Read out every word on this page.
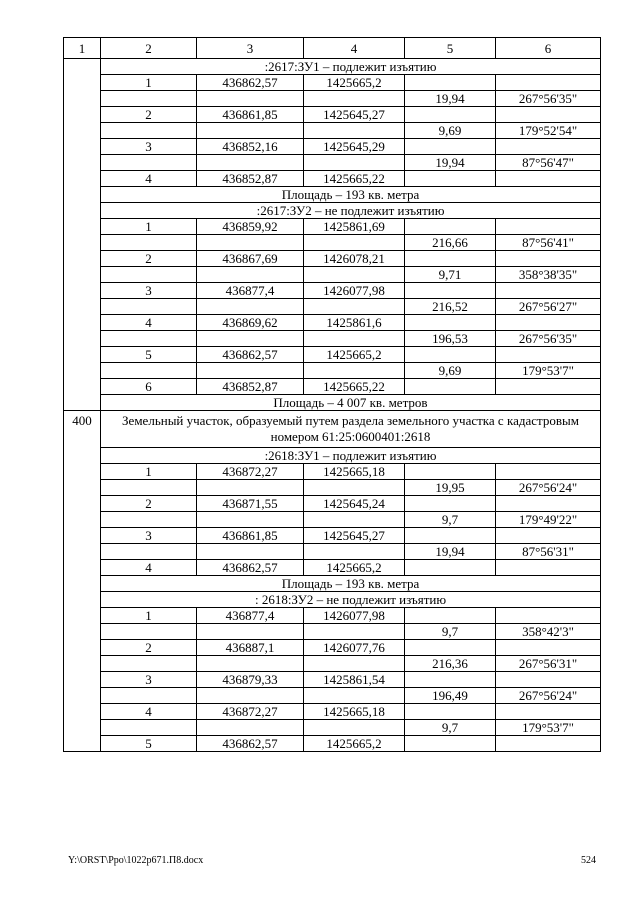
1	2	3	4	5	6
	:2617:ЗУ1 – подлежит изъятию				
	1	436862,57	1425665,2		
				19,94	267°56'35"
	2	436861,85	1425645,27		
				9,69	179°52'54"
	3	436852,16	1425645,29		
				19,94	87°56'47"
	4	436852,87	1425665,22		
	Площадь – 193 кв. метра				
	:2617:ЗУ2 – не подлежит изъятию				
	1	436859,92	1425861,69		
				216,66	87°56'41"
	2	436867,69	1426078,21		
				9,71	358°38'35"
	3	436877,4	1426077,98		
				216,52	267°56'27"
	4	436869,62	1425861,6		
				196,53	267°56'35"
	5	436862,57	1425665,2		
				9,69	179°53'7"
	6	436852,87	1425665,22		
	Площадь – 4 007 кв. метров				
400	Земельный участок, образуемый путем раздела земельного участка с кадастровым номером 61:25:0600401:2618				
	:2618:ЗУ1 – подлежит изъятию				
	1	436872,27	1425665,18		
				19,95	267°56'24"
	2	436871,55	1425645,24		
				9,7	179°49'22"
	3	436861,85	1425645,27		
				19,94	87°56'31"
	4	436862,57	1425665,2		
	Площадь – 193 кв. метра				
	: 2618:ЗУ2 – не подлежит изъятию				
	1	436877,4	1426077,98		
				9,7	358°42'3"
	2	436887,1	1426077,76		
				216,36	267°56'31"
	3	436879,33	1425861,54		
				196,49	267°56'24"
	4	436872,27	1425665,18		
				9,7	179°53'7"
	5	436862,57	1425665,2		
Y:\ORST\Ppo\1022p671.П8.docx	524
